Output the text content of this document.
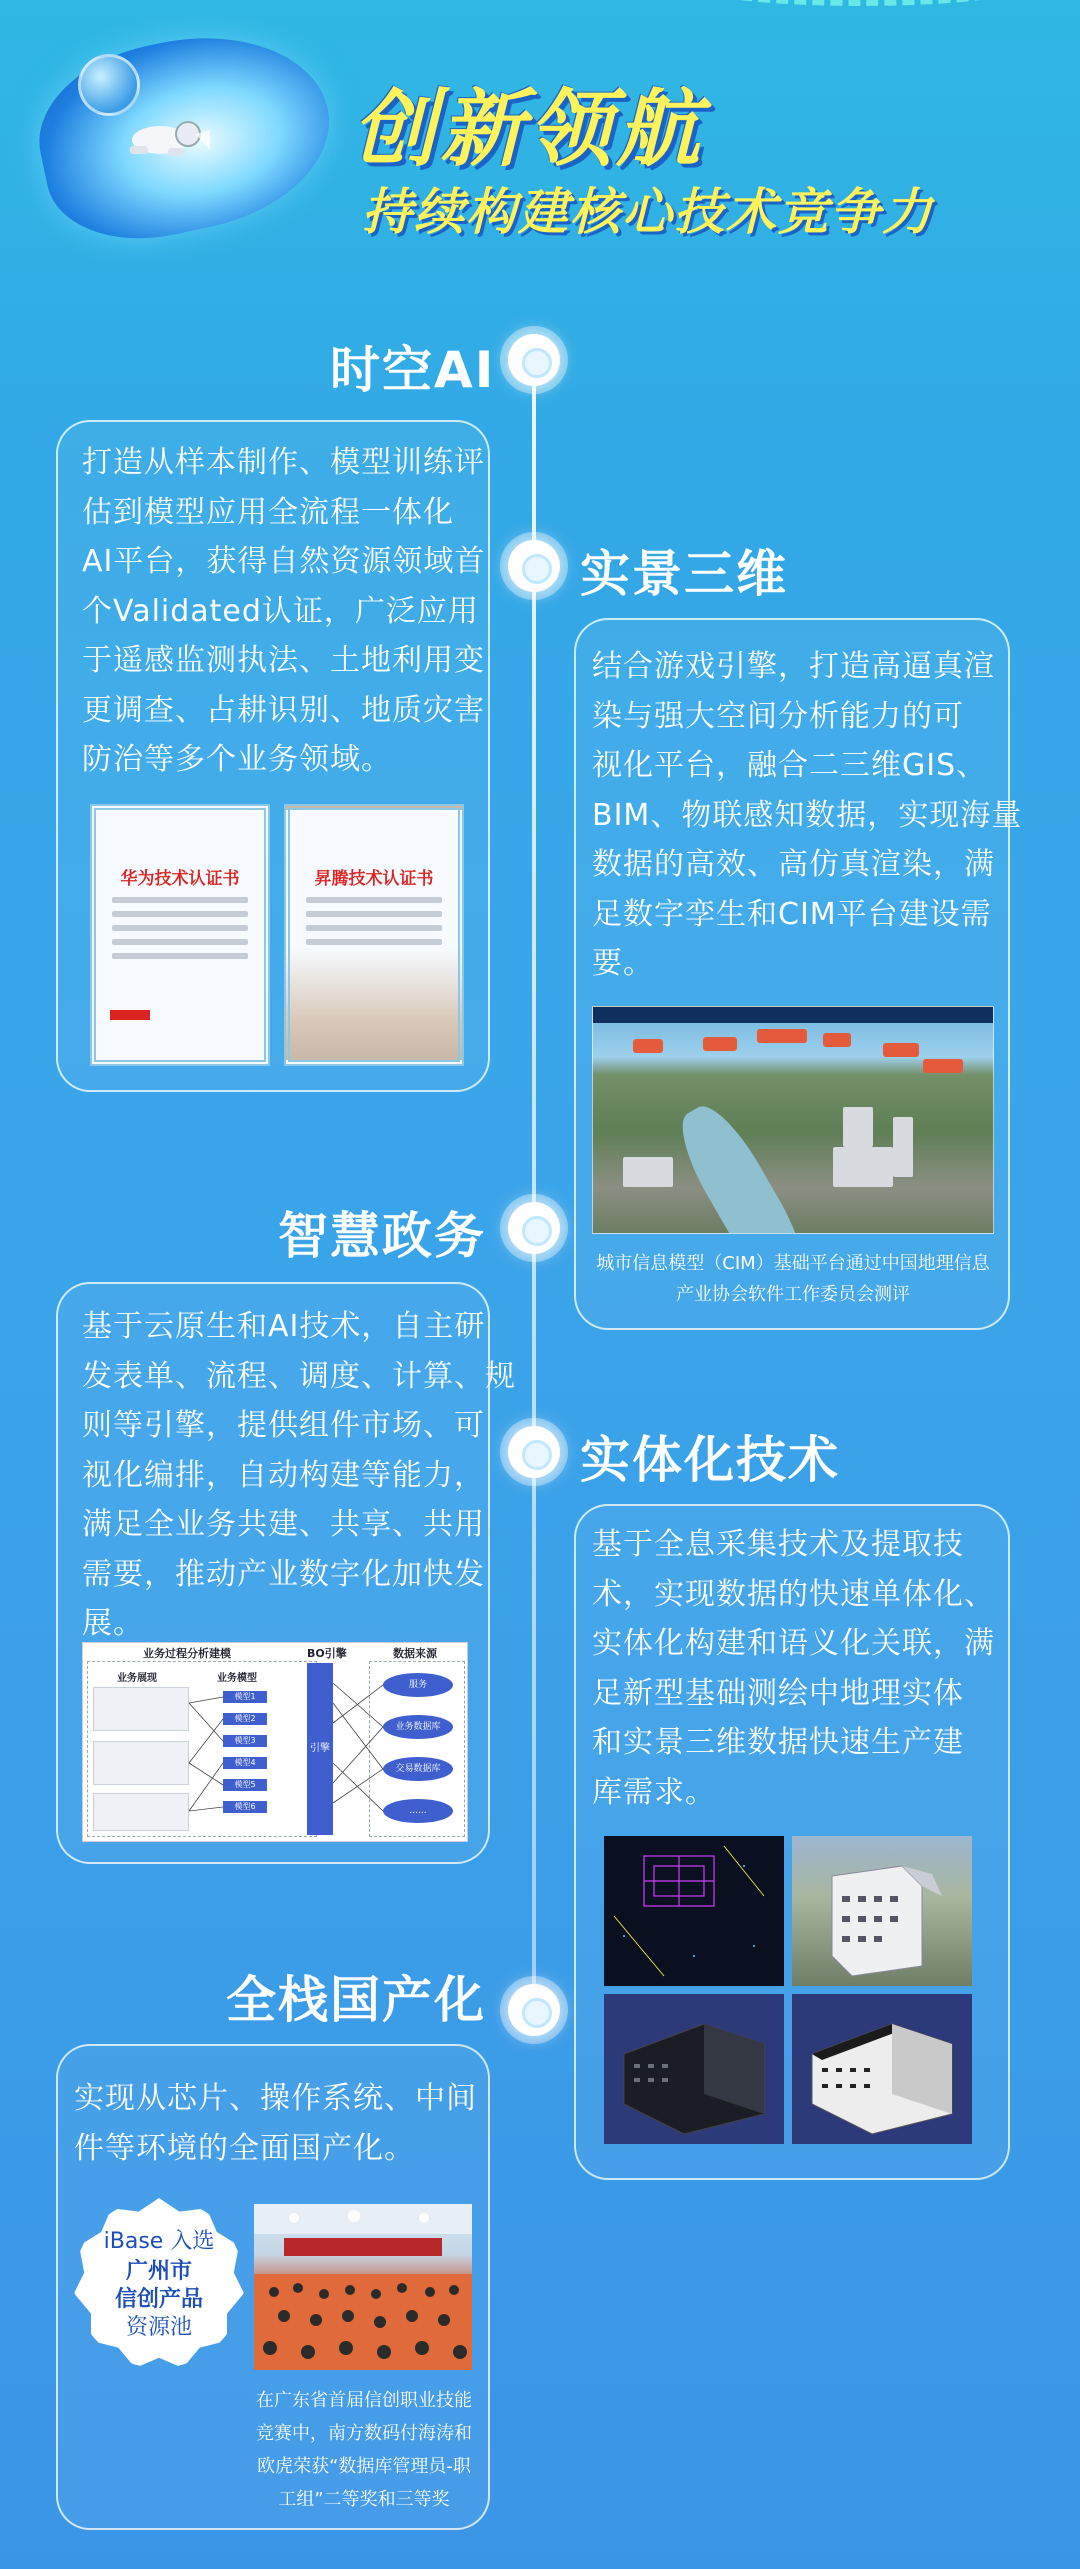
创新领航
持续构建核心技术竞争力
时空AI
打造从样本制作、模型训练评
估到模型应用全流程一体化
AI平台，获得自然资源领域首
个Validated认证，广泛应用
于遥感监测执法、土地利用变
更调查、占耕识别、地质灾害
防治等多个业务领域。
华为技术认证书	昇腾技术认证书
实景三维
结合游戏引擎，打造高逼真渲
染与强大空间分析能力的可
视化平台，融合二三维GIS、
BIM、物联感知数据，实现海量
数据的高效、高仿真渲染，满
足数字孪生和CIM平台建设需
要。
城市信息模型（CIM）基础平台通过中国地理信息
产业协会软件工作委员会测评
智慧政务
基于云原生和AI技术，自主研
发表单、流程、调度、计算、规
则等引擎，提供组件市场、可
视化编排，自动构建等能力，
满足全业务共建、共享、共用
需要，推动产业数字化加快发
展。
业务过程分析建模	BO引擎	数据来源
业务展现	业务模型
模型1
模型2
模型3
模型4
模型5
模型6
引擎
服务
业务数据库
交易数据库
......
实体化技术
基于全息采集技术及提取技
术，实现数据的快速单体化、
实体化构建和语义化关联，满
足新型基础测绘中地理实体
和实景三维数据快速生产建
库需求。
全栈国产化
实现从芯片、操作系统、中间
件等环境的全面国产化。
iBase 入选
广州市
信创产品
资源池
在广东省首届信创职业技能
竞赛中，南方数码付海涛和
欧虎荣获“数据库管理员-职
工组”二等奖和三等奖
